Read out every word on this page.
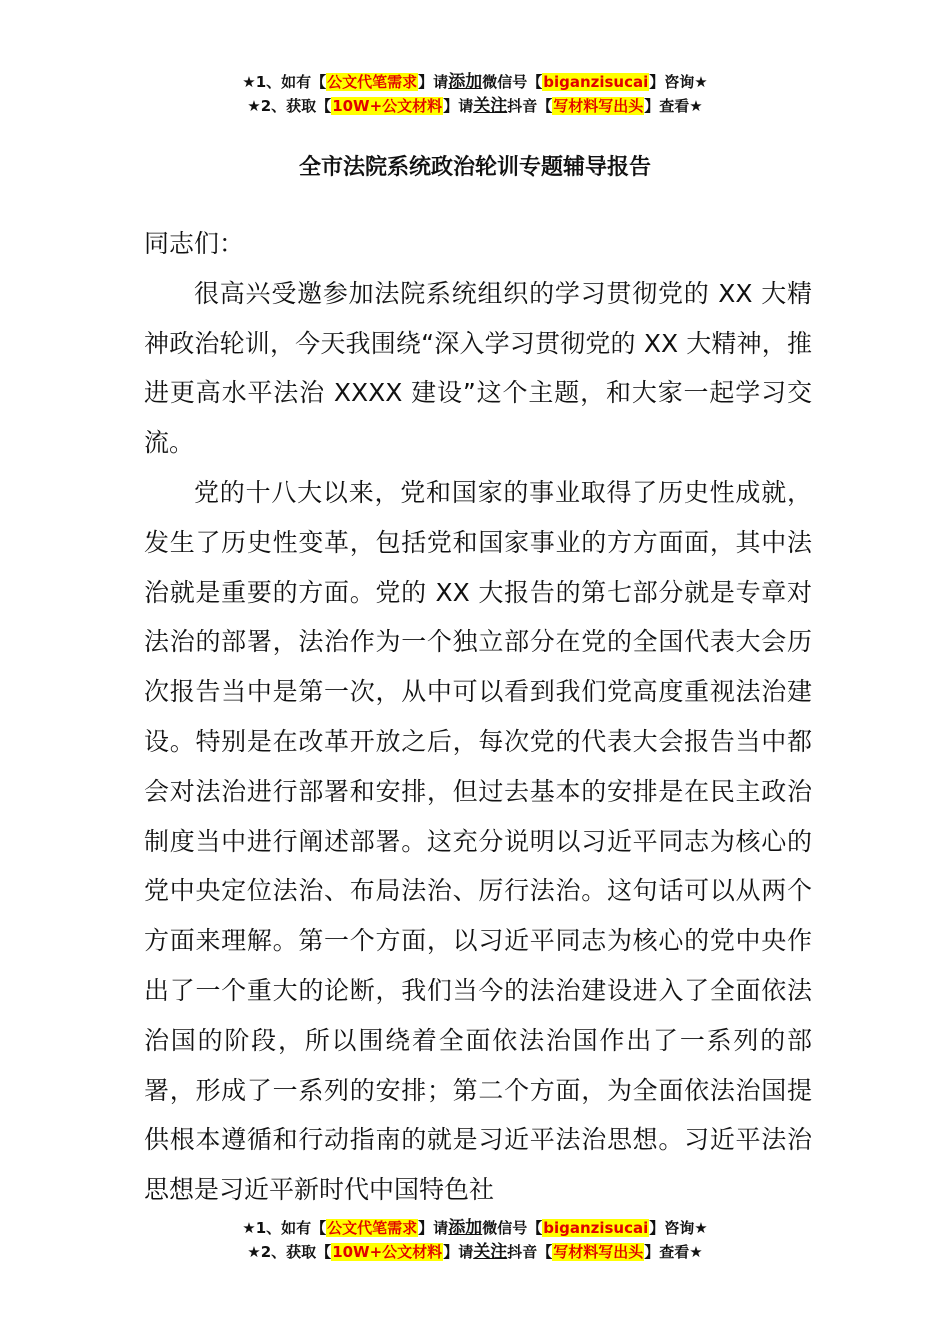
★1、如有【公文代笔需求】请添加微信号【biganzisucai】咨询★
★2、获取【10W+公文材料】请关注抖音【写材料写出头】查看★
全市法院系统政治轮训专题辅导报告

同志们：

很高兴受邀参加法院系统组织的学习贯彻党的 XX 大精神政治轮训，今天我围绕“深入学习贯彻党的 XX 大精神，推进更高水平法治 XXXX 建设”这个主题，和大家一起学习交流。

党的十八大以来，党和国家的事业取得了历史性成就，发生了历史性变革，包括党和国家事业的方方面面，其中法治就是重要的方面。党的 XX 大报告的第七部分就是专章对法治的部署，法治作为一个独立部分在党的全国代表大会历次报告当中是第一次，从中可以看到我们党高度重视法治建设。特别是在改革开放之后，每次党的代表大会报告当中都会对法治进行部署和安排，但过去基本的安排是在民主政治制度当中进行阐述部署。这充分说明以习近平同志为核心的党中央定位法治、布局法治、厉行法治。这句话可以从两个方面来理解。第一个方面，以习近平同志为核心的党中央作出了一个重大的论断，我们当今的法治建设进入了全面依法治国的阶段，所以围绕着全面依法治国作出了一系列的部署，形成了一系列的安排；第二个方面，为全面依法治国提供根本遵循和行动指南的就是习近平法治思想。习近平法治思想是习近平新时代中国特色社

★1、如有【公文代笔需求】请添加微信号【biganzisucai】咨询★
★2、获取【10W+公文材料】请关注抖音【写材料写出头】查看★
